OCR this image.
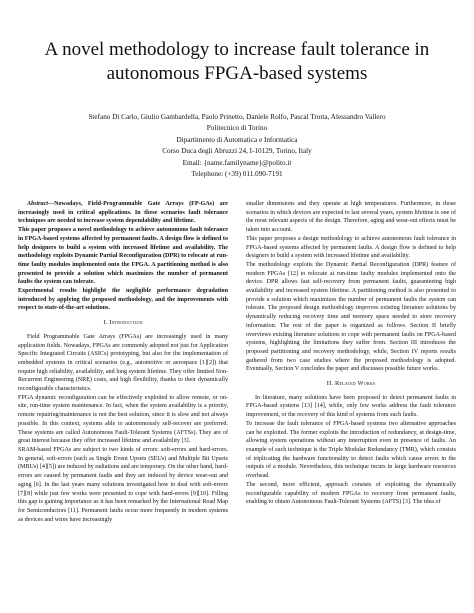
A novel methodology to increase fault tolerance in autonomous FPGA-based systems
Stefano Di Carlo, Giulio Gambardella, Paolo Prinetto, Daniele Rolfo, Pascal Trotta, Alessandro Vallero
Politecnico di Torino
Dipartimento di Automatica e Informatica
Corso Duca degli Abruzzi 24, I-10129, Torino, Italy
Email: {name.familyname}@polito.it
Telephone: (+39) 011.090-7191

Abstract—Nowadays, Field-Programmable Gate Arrays (FP-GAs) are increasingly used in critical applications. In these scenarios fault tolerance techniques are needed to increase system dependability and lifetime.

This paper proposes a novel methodology to achieve autonomous fault tolerance in FPGA-based systems affected by permanent faults. A design flow is defined to help designers to build a system with increased lifetime and availability. The methodology exploits Dynamic Partial Reconfiguration (DPR) to relocate at run-time faulty modules implemented onto the FPGA. A partitioning method is also presented to provide a solution which maximizes the number of permanent faults the system can tolerate.

Experimental results highlight the negligible performance degradation introduced by applying the proposed methodology, and the improvements with respect to state-of-the-art solutions.

I. Introduction

Field Programmable Gate Arrays (FPGAs) are increasingly used in many application fields. Nowadays, FPGAs are commonly adopted not just for Application Specific Integrated Circuits (ASICs) prototyping, but also for the implementation of embedded systems in critical scenarios (e.g., automotive or aerospace [1][2]) that require high reliability, availability, and long system lifetime. They offer limited Non-Recurrent Engineering (NRE) costs, and high flexibility, thanks to their dynamically reconfigurable characteristics.

FPGA dynamic reconfiguration can be effectively exploited to allow remote, or on-site, run-time system maintenance. In fact, when the system availability is a priority, remote repairing/maintenance is not the best solution, since it is slow and not always possible. In this context, systems able to autonomously self-recover are preferred. These systems are called Autonomous Fault-Tolerant Systems (AFTSs). They are of great interest because they offer increased lifetime and availability [3].

SRAM-based FPGAs are subject to two kinds of errors: soft-errors and hard-errors. In general, soft-errors (such as Single Event Upsets (SEUs) and Multiple Bit Upsets (MBUs) [4][5]) are induced by radiations and are temporary. On the other hand, hard-errors are caused by permanent faults and they are induced by device wear-out and aging [6]. In the last years many solutions investigated how to deal with soft-errors [7][8] while just few works were presented to cope with hard-errors [9][10]. Filling this gap is gaining importance as it has been remarked by the International Road Map for Semiconductors [11]. Permanent faults occur more frequently in modern systems as devices and wires have increasingly

smaller dimensions and they operate at high temperatures. Furthermore, in those scenarios in which devices are expected to last several years, system lifetime is one of the most relevant aspects of the design. Therefore, aging and wear-out effects must be taken into account.

This paper proposes a design methodology to achieve autonomous fault tolerance in FPGA-based systems affected by permanent faults. A design flow is defined to help designers to build a system with increased lifetime and availability.

The methodology exploits the Dynamic Partial Reconfiguration (DPR) feature of modern FPGAs [12] to relocate at run-time faulty modules implemented onto the device. DPR allows fast self-recovery from permanent faults, guaranteeing high availability and increased system lifetime. A partitioning method is also presented to provide a solution which maximizes the number of permanent faults the system can tolerate. The proposed design methodology improves existing literature solutions by dynamically reducing recovery time and memory space needed to store recovery information. The rest of the paper is organized as follows. Section II briefly overviews existing literature solutions to cope with permanent faults on FPGA-based systems, highlighting the limitations they suffer from. Section III introduces the proposed partitioning and recovery methodology, while, Section IV reports results gathered from two case studies where the proposed methodology is adopted. Eventually, Section V concludes the paper and discusses possible future works.

II. Related Works

In literature, many solutions have been proposed to detect permanent faults in FPGA-based systems [13] [14], while, only few works address the fault tolerance improvement, or the recovery of this kind of systems from such faults.

To increase the fault tolerance of FPGA-based systems two alternative approaches can be exploited. The former exploits the introduction of redundancy, at design-time, allowing system operations without any interruption even in presence of faults. An example of such technique is the Triple Modular Redundancy (TMR), which consists of triplicating the hardware functionality to detect faults which cause errors in the outputs of a module. Nevertheless, this technique incurs in large hardware resources overhead.

The second, more efficient, approach consists of exploiting the dynamically reconfigurable capability of modern FPGAs to recovery from permanent faults, enabling to obtain Autonomous Fault-Tolerant Systems (AFTS) [3]. The idea of
